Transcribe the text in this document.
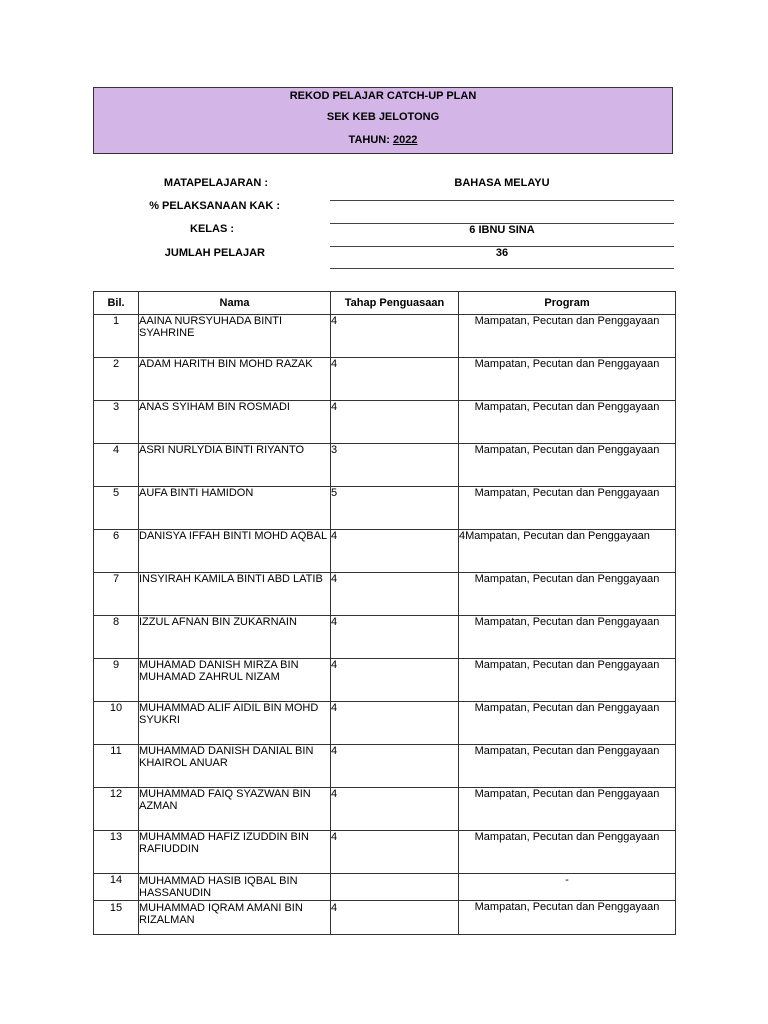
REKOD PELAJAR CATCH-UP PLAN
SEK KEB JELOTONG
TAHUN: 2022
MATAPELAJARAN :	BAHASA MELAYU
% PELAKSANAAN KAK :
KELAS :	6 IBNU SINA
JUMLAH PELAJAR	36
Bil.	Nama	Tahap Penguasaan	Program
1	AAINA NURSYUHADA BINTI SYAHRINE	4	Mampatan, Pecutan dan Penggayaan
2	ADAM HARITH BIN MOHD RAZAK	4	Mampatan, Pecutan dan Penggayaan
3	ANAS SYIHAM BIN ROSMADI	4	Mampatan, Pecutan dan Penggayaan
4	ASRI NURLYDIA BINTI RIYANTO	3	Mampatan, Pecutan dan Penggayaan
5	AUFA BINTI HAMIDON	5	Mampatan, Pecutan dan Penggayaan
6	DANISYA IFFAH BINTI MOHD AQBAL	4	4Mampatan, Pecutan dan Penggayaan
7	INSYIRAH KAMILA BINTI ABD LATIB	4	Mampatan, Pecutan dan Penggayaan
8	IZZUL AFNAN BIN ZUKARNAIN	4	Mampatan, Pecutan dan Penggayaan
9	MUHAMAD DANISH MIRZA BIN MUHAMAD ZAHRUL NIZAM	4	Mampatan, Pecutan dan Penggayaan
10	MUHAMMAD ALIF AIDIL BIN MOHD SYUKRI	4	Mampatan, Pecutan dan Penggayaan
11	MUHAMMAD DANISH DANIAL BIN KHAIROL ANUAR	4	Mampatan, Pecutan dan Penggayaan
12	MUHAMMAD FAIQ SYAZWAN BIN AZMAN	4	Mampatan, Pecutan dan Penggayaan
13	MUHAMMAD HAFIZ IZUDDIN BIN RAFIUDDIN	4	Mampatan, Pecutan dan Penggayaan
14	MUHAMMAD HASIB IQBAL BIN HASSANUDIN		-
15	MUHAMMAD IQRAM AMANI BIN RIZALMAN	4	Mampatan, Pecutan dan Penggayaan
